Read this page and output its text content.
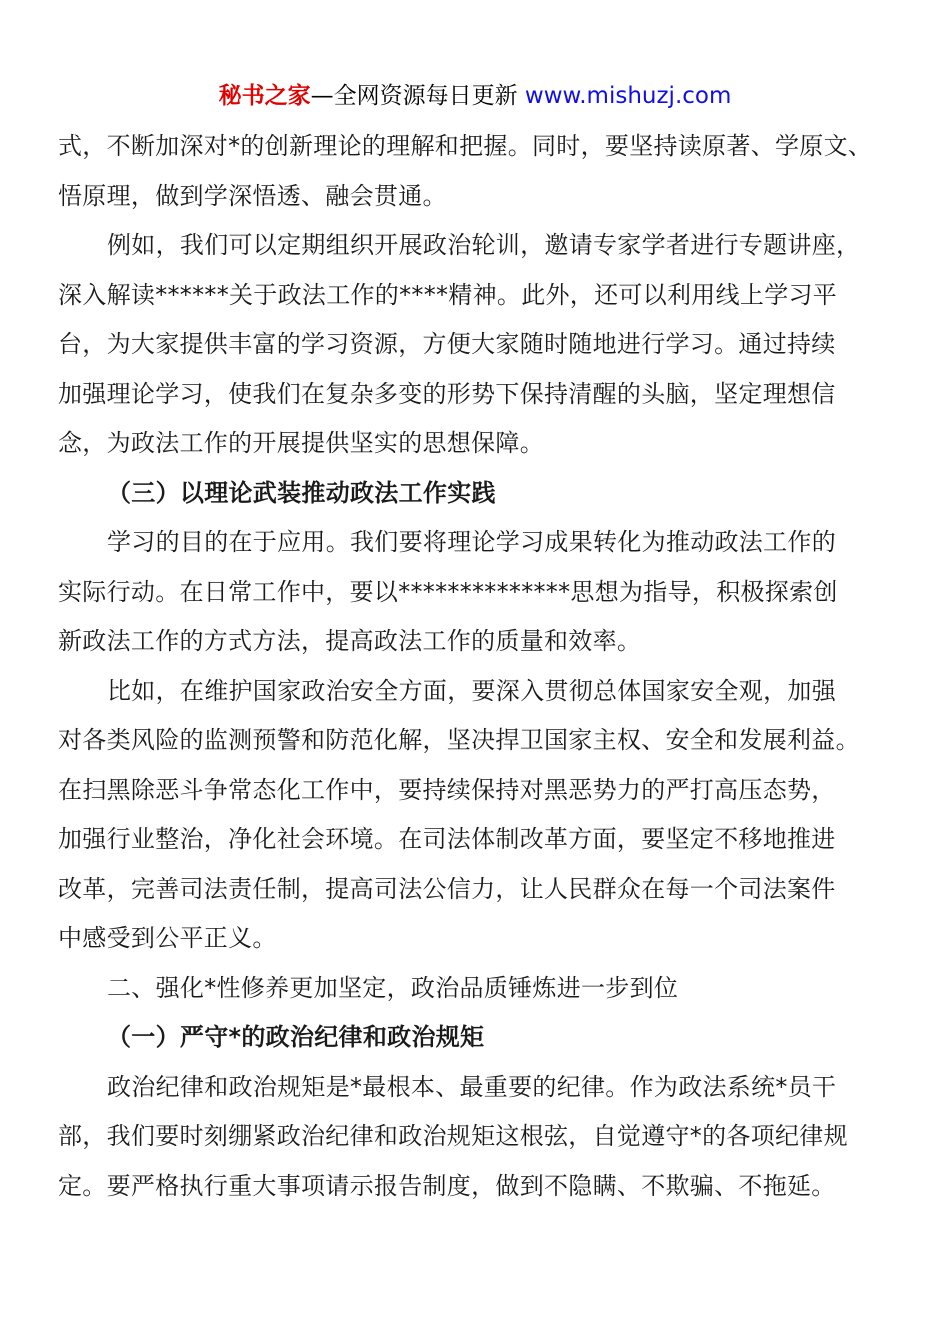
秘书之家—全网资源每日更新 www.mishuzj.com
式，不断加深对*的创新理论的理解和把握。同时，要坚持读原著、学原文、
悟原理，做到学深悟透、融会贯通。
例如，我们可以定期组织开展政治轮训，邀请专家学者进行专题讲座，
深入解读******关于政法工作的****精神。此外，还可以利用线上学习平
台，为大家提供丰富的学习资源，方便大家随时随地进行学习。通过持续
加强理论学习，使我们在复杂多变的形势下保持清醒的头脑，坚定理想信
念，为政法工作的开展提供坚实的思想保障。
（三）以理论武装推动政法工作实践
学习的目的在于应用。我们要将理论学习成果转化为推动政法工作的
实际行动。在日常工作中，要以**************思想为指导，积极探索创
新政法工作的方式方法，提高政法工作的质量和效率。
比如，在维护国家政治安全方面，要深入贯彻总体国家安全观，加强
对各类风险的监测预警和防范化解，坚决捍卫国家主权、安全和发展利益。
在扫黑除恶斗争常态化工作中，要持续保持对黑恶势力的严打高压态势，
加强行业整治，净化社会环境。在司法体制改革方面，要坚定不移地推进
改革，完善司法责任制，提高司法公信力，让人民群众在每一个司法案件
中感受到公平正义。
二、强化*性修养更加坚定，政治品质锤炼进一步到位
（一）严守*的政治纪律和政治规矩
政治纪律和政治规矩是*最根本、最重要的纪律。作为政法系统*员干
部，我们要时刻绷紧政治纪律和政治规矩这根弦，自觉遵守*的各项纪律规
定。要严格执行重大事项请示报告制度，做到不隐瞒、不欺骗、不拖延。
